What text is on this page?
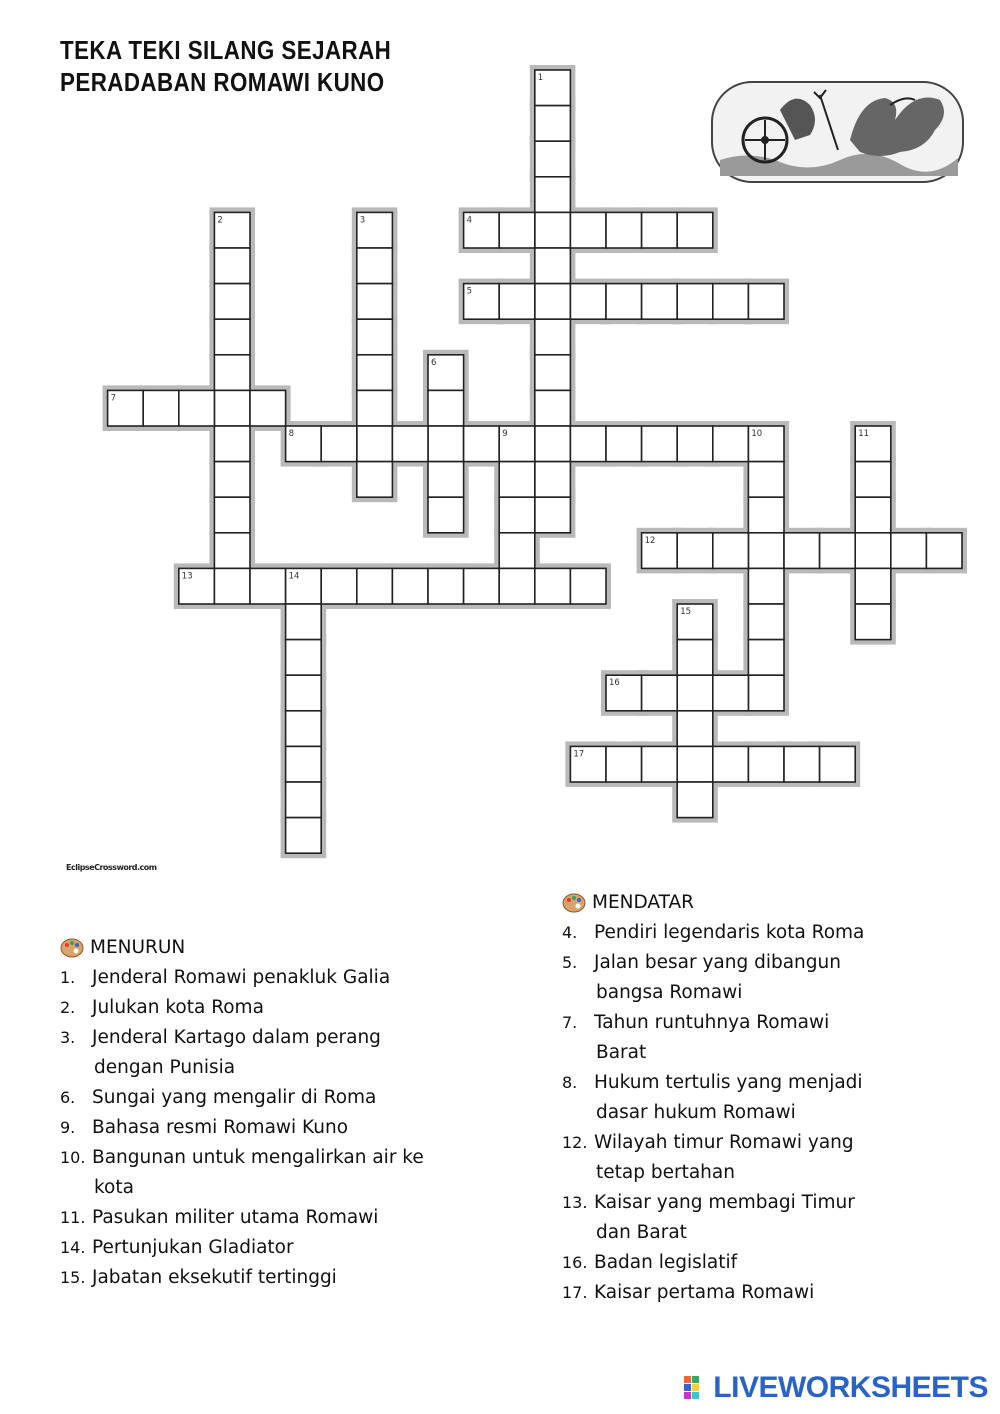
TEKA TEKI SILANG SEJARAH
PERADABAN ROMAWI KUNO	1
2	3	4
5
6
7
8	9	10	11
12
13	14
15
16
17
EclipseCrossword.com
MENURUN
1. Jenderal Romawi penakluk Galia
2. Julukan kota Roma
3. Jenderal Kartago dalam perang
dengan Punisia
6. Sungai yang mengalir di Roma
9. Bahasa resmi Romawi Kuno
10. Bangunan untuk mengalirkan air ke
kota
11. Pasukan militer utama Romawi
14. Pertunjukan Gladiator
15. Jabatan eksekutif tertinggi
MENDATAR
4. Pendiri legendaris kota Roma
5. Jalan besar yang dibangun
bangsa Romawi
7. Tahun runtuhnya Romawi
Barat
8. Hukum tertulis yang menjadi
dasar hukum Romawi
12. Wilayah timur Romawi yang
tetap bertahan
13. Kaisar yang membagi Timur
dan Barat
16. Badan legislatif
17. Kaisar pertama Romawi
LIVEWORKSHEETS
